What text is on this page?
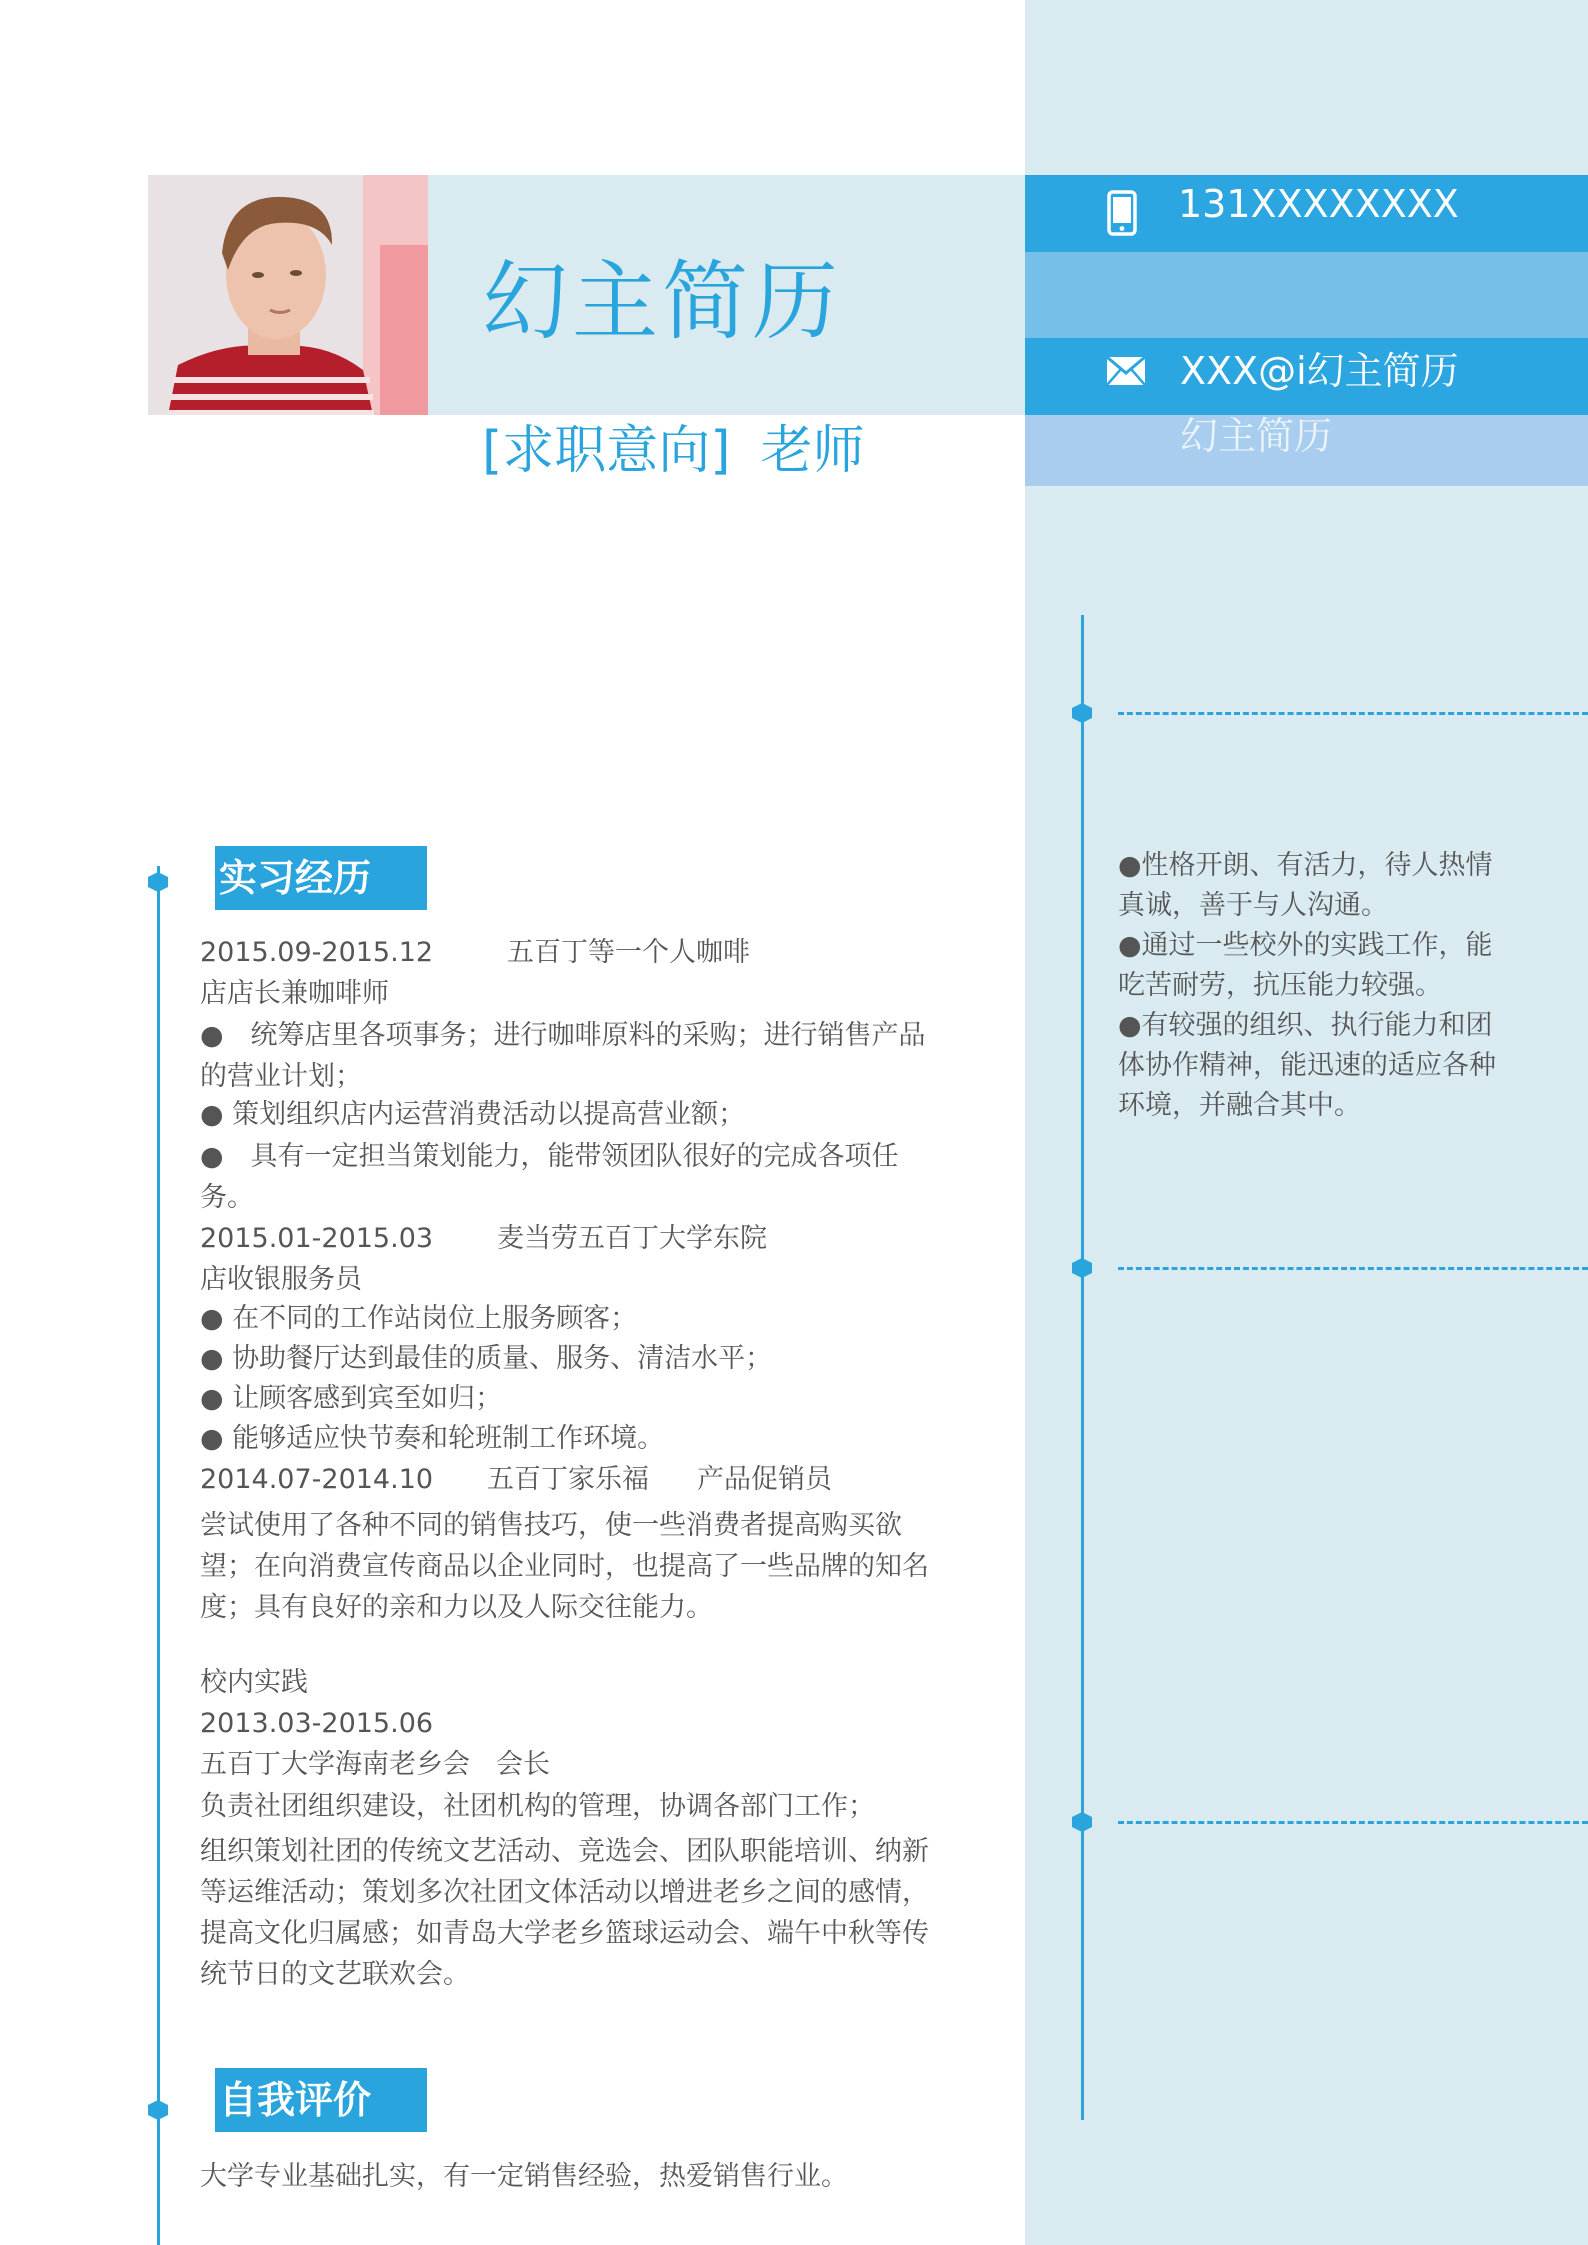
幻主简历
[求职意向] 老师
131XXXXXXXX
XXX@i幻主简历
幻主简历
●性格开朗、有活力，待人热情真诚，善于与人沟通。
●通过一些校外的实践工作，能吃苦耐劳，抗压能力较强。
●有较强的组织、执行能力和团体协作精神，能迅速的适应各种环境，并融合其中。
实习经历
2015.09-2015.12	五百丁等一个人咖啡
店店长兼咖啡师
●　统筹店里各项事务；进行咖啡原料的采购；进行销售产品的营业计划；
● 策划组织店内运营消费活动以提高营业额；
●　具有一定担当策划能力，能带领团队很好的完成各项任务。
2015.01-2015.03 麦当劳五百丁大学东院
店收银服务员
● 在不同的工作站岗位上服务顾客；
● 协助餐厅达到最佳的质量、服务、清洁水平；
● 让顾客感到宾至如归；
● 能够适应快节奏和轮班制工作环境。
2014.07-2014.10 五百丁家乐福 产品促销员
尝试使用了各种不同的销售技巧，使一些消费者提高购买欲望；在向消费宣传商品以企业同时，也提高了一些品牌的知名度；具有良好的亲和力以及人际交往能力。
校内实践
2013.03-2015.06
五百丁大学海南老乡会 会长
负责社团组织建设，社团机构的管理，协调各部门工作；
组织策划社团的传统文艺活动、竞选会、团队职能培训、纳新等运维活动；策划多次社团文体活动以增进老乡之间的感情，提高文化归属感；如青岛大学老乡篮球运动会、端午中秋等传统节日的文艺联欢会。
自我评价
大学专业基础扎实，有一定销售经验，热爱销售行业。
